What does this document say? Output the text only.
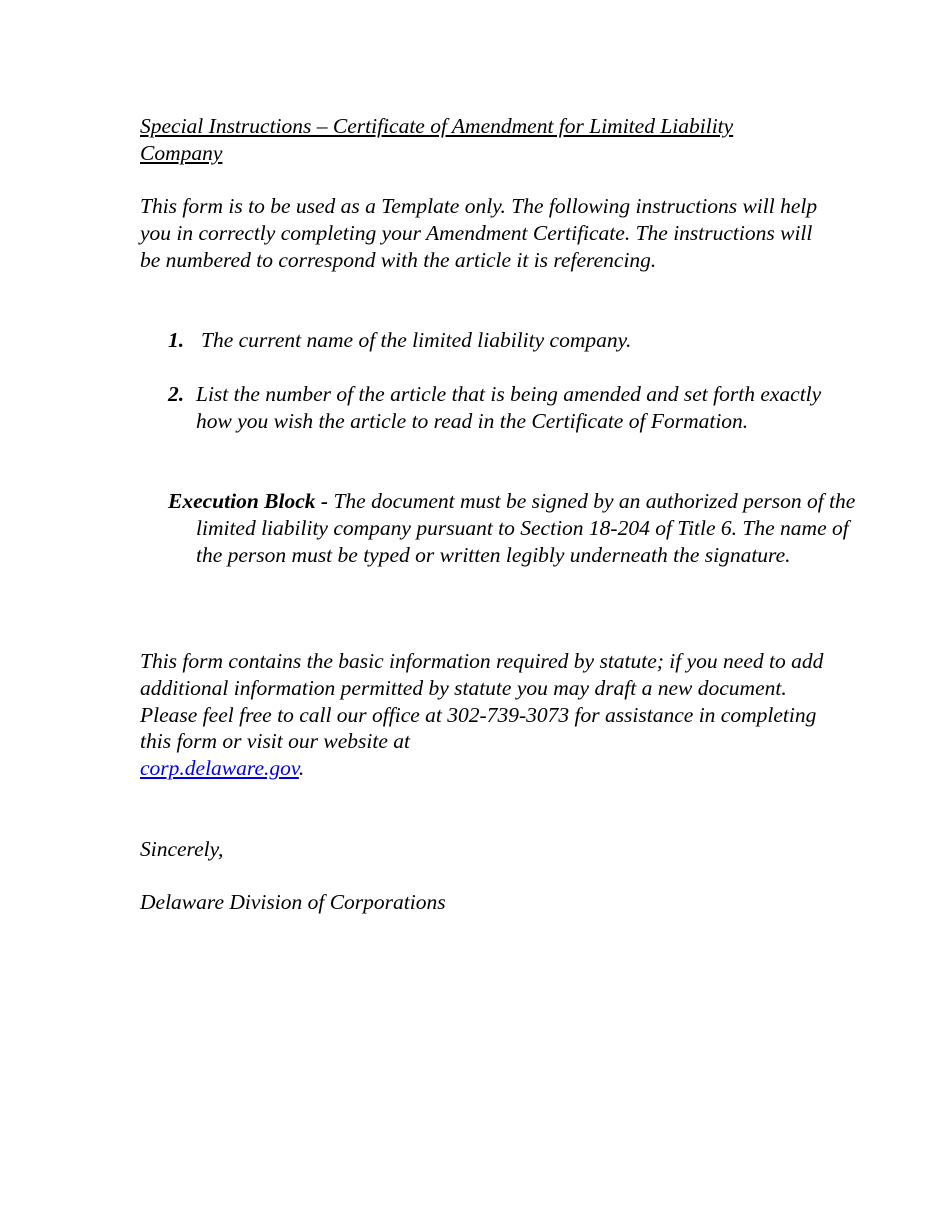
Special Instructions – Certificate of Amendment for Limited Liability Company

This form is to be used as a Template only. The following instructions will help you in correctly completing your Amendment Certificate. The instructions will be numbered to correspond with the article it is referencing.

1. The current name of the limited liability company.

2. List the number of the article that is being amended and set forth exactly how you wish the article to read in the Certificate of Formation.

Execution Block - The document must be signed by an authorized person of the limited liability company pursuant to Section 18-204 of Title 6. The name of the person must be typed or written legibly underneath the signature.

This form contains the basic information required by statute; if you need to add additional information permitted by statute you may draft a new document. Please feel free to call our office at 302-739-3073 for assistance in completing this form or visit our website at
corp.delaware.gov.

Sincerely,

Delaware Division of Corporations
